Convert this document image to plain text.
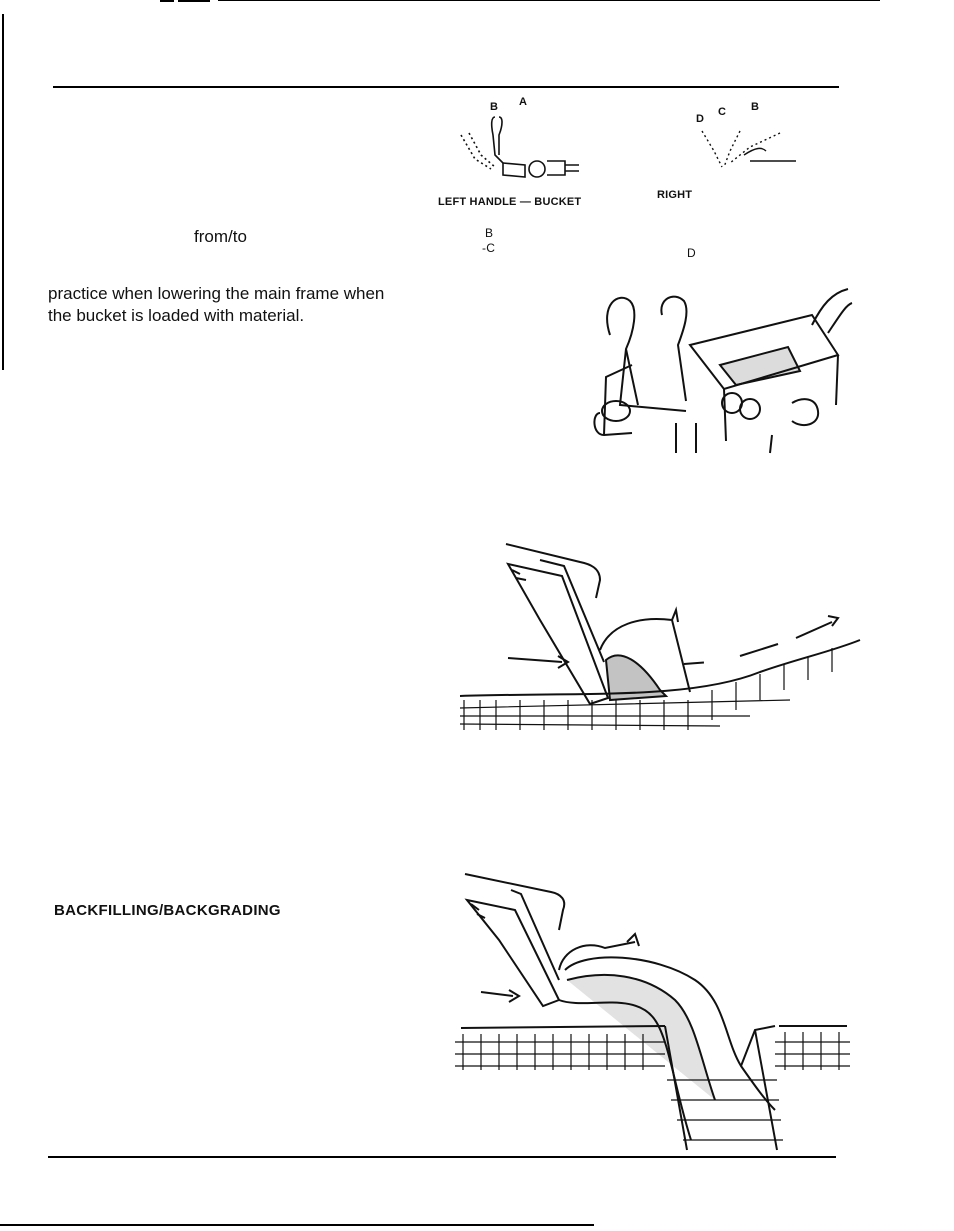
from/to
practice when lowering the main frame when
the bucket is loaded with material.
BACKFILLING/BACKGRADING
B A
D
C B
LEFT HANDLE — BUCKET
RIGHT
B
-C	D
